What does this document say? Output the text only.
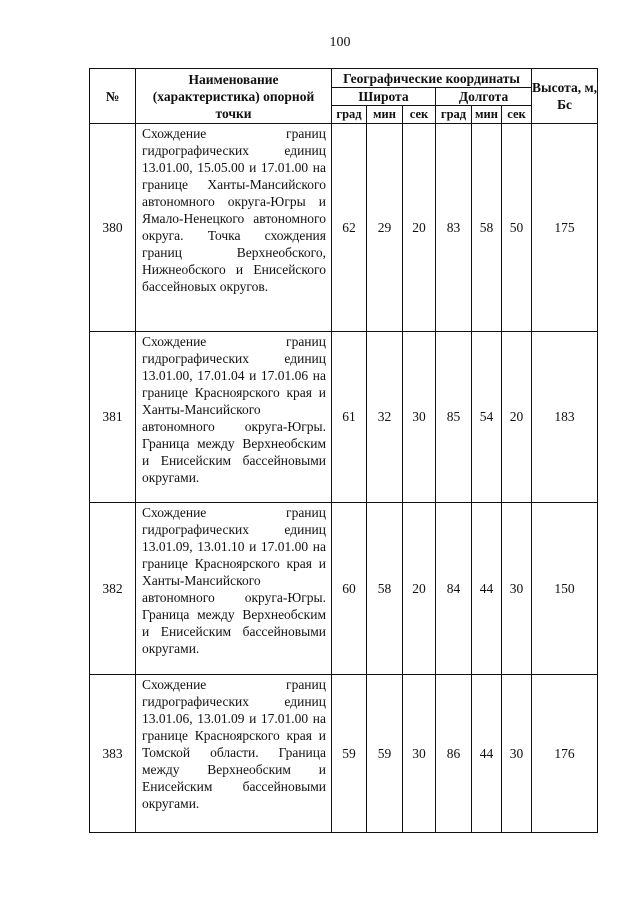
100
№	Наименование (характеристика) опорной точки	Географические координаты						Высота, м, Бс
		Широта			Долгота			
		град	мин	сек	град	мин	сек	
380	Схождение границ гидрографических единиц 13.01.00, 15.05.00 и 17.01.00 на границе Ханты-Мансийского автономного округа-Югры и Ямало-Ненецкого автономного округа. Точка схождения границ Верхнеобского, Нижнеобского и Енисейского бассейновых округов.	62	29	20	83	58	50	175
381	Схождение границ гидрографических единиц 13.01.00, 17.01.04 и 17.01.06 на границе Красноярского края и Ханты-Мансийского автономного округа-Югры. Граница между Верхнеобским и Енисейским бассейновыми округами.	61	32	30	85	54	20	183
382	Схождение границ гидрографических единиц 13.01.09, 13.01.10 и 17.01.00 на границе Красноярского края и Ханты-Мансийского автономного округа-Югры. Граница между Верхнеобским и Енисейским бассейновыми округами.	60	58	20	84	44	30	150
383	Схождение границ гидрографических единиц 13.01.06, 13.01.09 и 17.01.00 на границе Красноярского края и Томской области. Граница между Верхнеобским и Енисейским бассейновыми округами.	59	59	30	86	44	30	176
